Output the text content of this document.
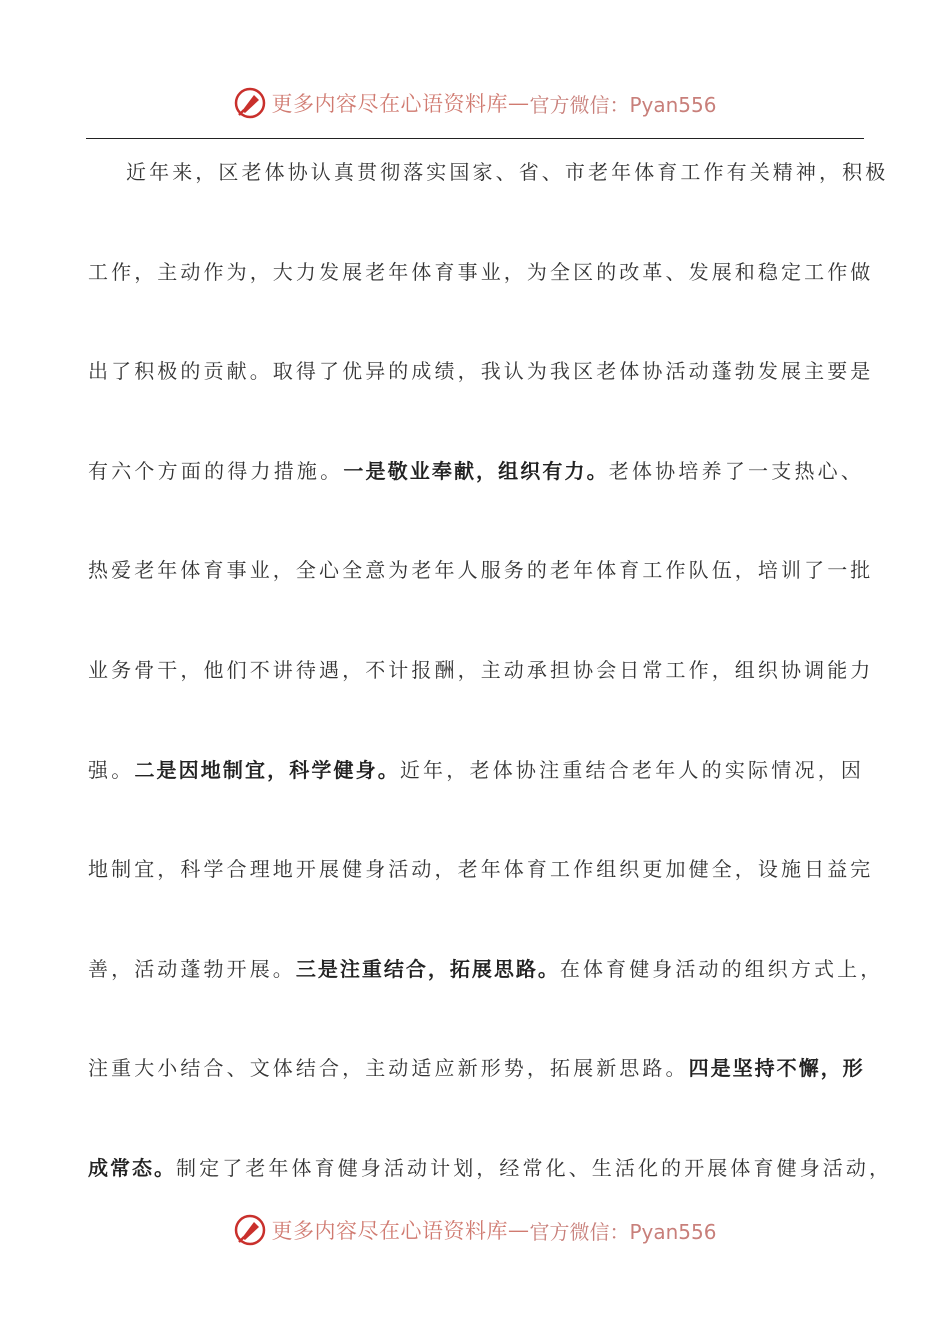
更多内容尽在心语资料库 — 官方微信：Pyan556
近年来，区老体协认真贯彻落实国家、省、市老年体育工作有关精神，积极
工作，主动作为，大力发展老年体育事业，为全区的改革、发展和稳定工作做
出了积极的贡献。取得了优异的成绩，我认为我区老体协活动蓬勃发展主要是
有六个方面的得力措施。一是敬业奉献，组织有力。老体协培养了一支热心、
热爱老年体育事业，全心全意为老年人服务的老年体育工作队伍，培训了一批
业务骨干，他们不讲待遇，不计报酬，主动承担协会日常工作，组织协调能力
强。二是因地制宜，科学健身。近年，老体协注重结合老年人的实际情况，因
地制宜，科学合理地开展健身活动，老年体育工作组织更加健全，设施日益完
善，活动蓬勃开展。三是注重结合，拓展思路。在体育健身活动的组织方式上，
注重大小结合、文体结合，主动适应新形势，拓展新思路。四是坚持不懈，形
成常态。制定了老年体育健身活动计划，经常化、生活化的开展体育健身活动，
更多内容尽在心语资料库 — 官方微信：Pyan556
